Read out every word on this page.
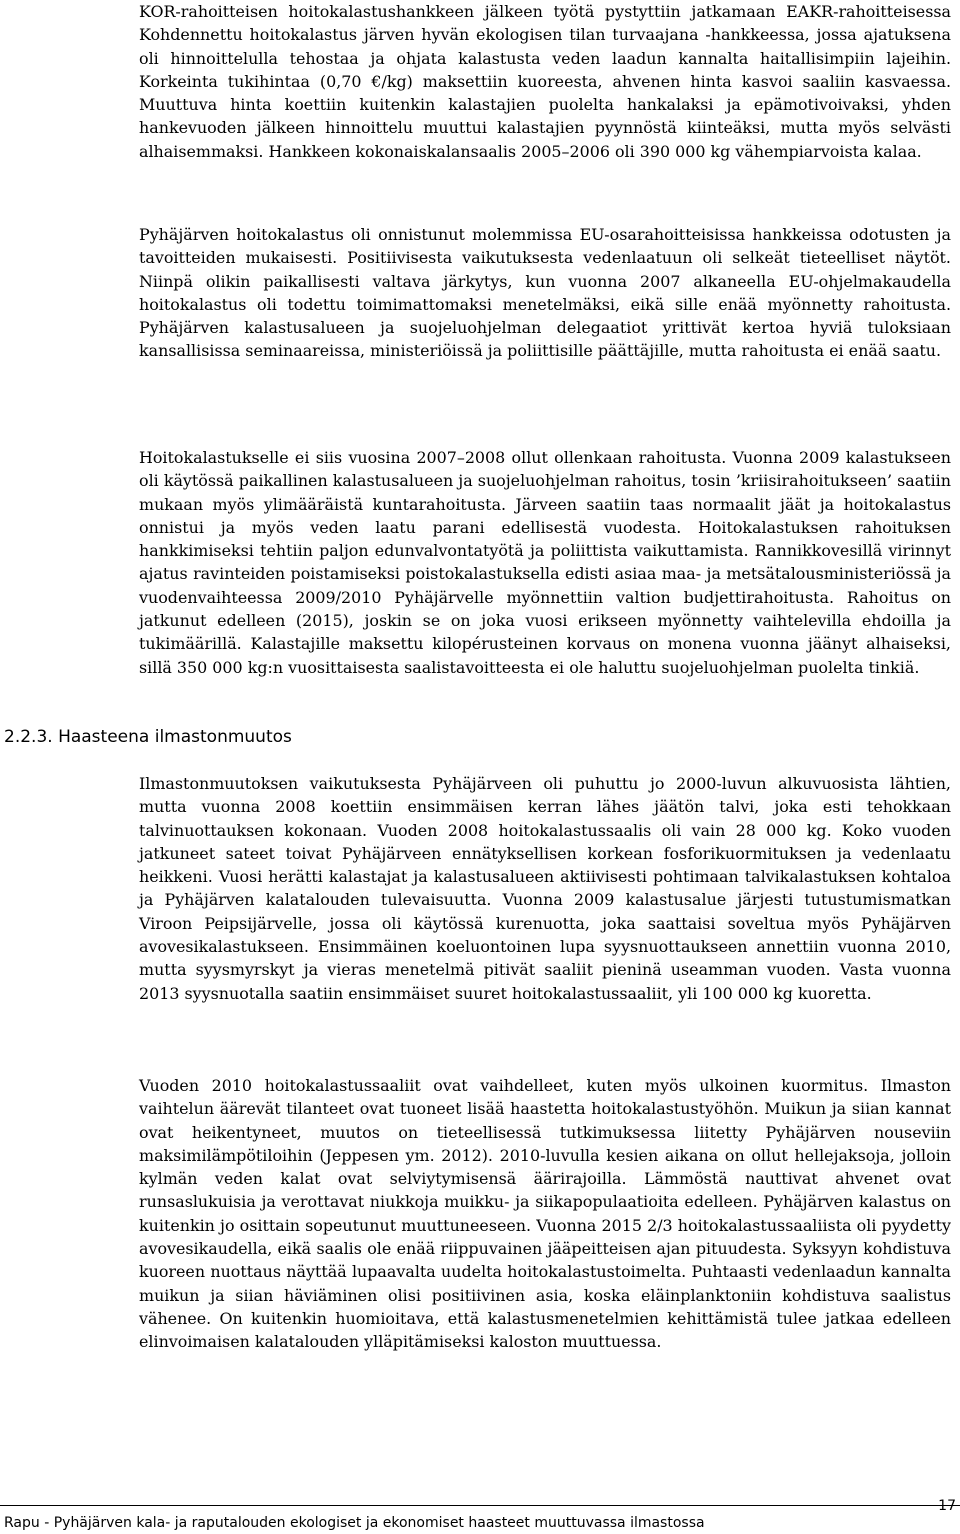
KOR-rahoitteisen hoitokalastushankkeen jälkeen työtä pystyttiin jatkamaan EAKR-rahoitteisessa Kohdennettu hoitokalastus järven hyvän ekologisen tilan turvaajana -hankkeessa, jossa ajatuksena oli hinnoittelulla tehostaa ja ohjata kalastusta veden laadun kannalta haitallisimpiin lajeihin. Korkeinta tukihintaa (0,70 €/kg) maksettiin kuoreesta, ahvenen hinta kasvoi saaliin kasvaessa. Muuttuva hinta koettiin kuitenkin kalastajien puolelta hankalaksi ja epämotivoivaksi, yhden hankevuoden jälkeen hinnoittelu muuttui kalastajien pyynnöstä kiinteäksi, mutta myös selvästi alhaisemmaksi. Hankkeen kokonaiskalansaalis 2005–2006 oli 390 000 kg vähempiarvoista kalaa.

Pyhäjärven hoitokalastus oli onnistunut molemmissa EU-osarahoitteisissa hankkeissa odotusten ja tavoitteiden mukaisesti. Positiivisesta vaikutuksesta vedenlaatuun oli selkeät tieteelliset näytöt. Niinpä olikin paikallisesti valtava järkytys, kun vuonna 2007 alkaneella EU-ohjelmakaudella hoitokalastus oli todettu toimimattomaksi menetelmäksi, eikä sille enää myönnetty rahoitusta. Pyhäjärven kalastusalueen ja suojeluohjelman delegaatiot yrittivät kertoa hyviä tuloksiaan kansallisissa seminaareissa, ministeriöissä ja poliittisille päättäjille, mutta rahoitusta ei enää saatu.

Hoitokalastukselle ei siis vuosina 2007–2008 ollut ollenkaan rahoitusta. Vuonna 2009 kalastukseen oli käytössä paikallinen kalastusalueen ja suojeluohjelman rahoitus, tosin ’kriisirahoitukseen’ saatiin mukaan myös ylimääräistä kuntarahoitusta. Järveen saatiin taas normaalit jäät ja hoitokalastus onnistui ja myös veden laatu parani edellisestä vuodesta. Hoitokalastuksen rahoituksen hankkimiseksi tehtiin paljon edunvalvontatyötä ja poliittista vaikuttamista. Rannikkovesillä virinnyt ajatus ravinteiden poistamiseksi poistokalastuksella edisti asiaa maa- ja metsätalousministeriössä ja vuodenvaihteessa 2009/2010 Pyhäjärvelle myönnettiin valtion budjettirahoitusta. Rahoitus on jatkunut edelleen (2015), joskin se on joka vuosi erikseen myönnetty vaihtelevilla ehdoilla ja tukimäärillä. Kalastajille maksettu kilopérusteinen korvaus on monena vuonna jäänyt alhaiseksi, sillä 350 000 kg:n vuosittaisesta saalistavoitteesta ei ole haluttu suojeluohjelman puolelta tinkiä.

2.2.3. Haasteena ilmastonmuutos

Ilmastonmuutoksen vaikutuksesta Pyhäjärveen oli puhuttu jo 2000-luvun alkuvuosista lähtien, mutta vuonna 2008 koettiin ensimmäisen kerran lähes jäätön talvi, joka esti tehokkaan talvinuottauksen kokonaan. Vuoden 2008 hoitokalastussaalis oli vain 28 000 kg. Koko vuoden jatkuneet sateet toivat Pyhäjärveen ennätyksellisen korkean fosforikuormituksen ja vedenlaatu heikkeni. Vuosi herätti kalastajat ja kalastusalueen aktiivisesti pohtimaan talvikalastuksen kohtaloa ja Pyhäjärven kalatalouden tulevaisuutta. Vuonna 2009 kalastusalue järjesti tutustumismatkan Viroon Peipsijärvelle, jossa oli käytössä kurenuotta, joka saattaisi soveltua myös Pyhäjärven avovesikalastukseen. Ensimmäinen koeluontoinen lupa syysnuottaukseen annettiin vuonna 2010, mutta syysmyrskyt ja vieras menetelmä pitivät saaliit pieninä useamman vuoden. Vasta vuonna 2013 syysnuotalla saatiin ensimmäiset suuret hoitokalastussaaliit, yli 100 000 kg kuoretta.

Vuoden 2010 hoitokalastussaaliit ovat vaihdelleet, kuten myös ulkoinen kuormitus. Ilmaston vaihtelun äärevät tilanteet ovat tuoneet lisää haastetta hoitokalastustyöhön. Muikun ja siian kannat ovat heikentyneet, muutos on tieteellisessä tutkimuksessa liitetty Pyhäjärven nouseviin maksimilämpötiloihin (Jeppesen ym. 2012). 2010-luvulla kesien aikana on ollut hellejaksoja, jolloin kylmän veden kalat ovat selviytymisensä äärirajoilla. Lämmöstä nauttivat ahvenet ovat runsaslukuisia ja verottavat niukkoja muikku- ja siikapopulaatioita edelleen. Pyhäjärven kalastus on kuitenkin jo osittain sopeutunut muuttuneeseen. Vuonna 2015 2/3 hoitokalastussaaliista oli pyydetty avovesikaudella, eikä saalis ole enää riippuvainen jääpeitteisen ajan pituudesta. Syksyyn kohdistuva kuoreen nuottaus näyttää lupaavalta uudelta hoitokalastustoimelta. Puhtaasti vedenlaadun kannalta muikun ja siian häviäminen olisi positiivinen asia, koska eläinplanktoniin kohdistuva saalistus vähenee. On kuitenkin huomioitava, että kalastusmenetelmien kehittämistä tulee jatkaa edelleen elinvoimaisen kalatalouden ylläpitämiseksi kaloston muuttuessa.

Rapu - Pyhäjärven kala- ja raputalouden ekologiset ja ekonomiset haasteet muuttuvassa ilmastossa
17
